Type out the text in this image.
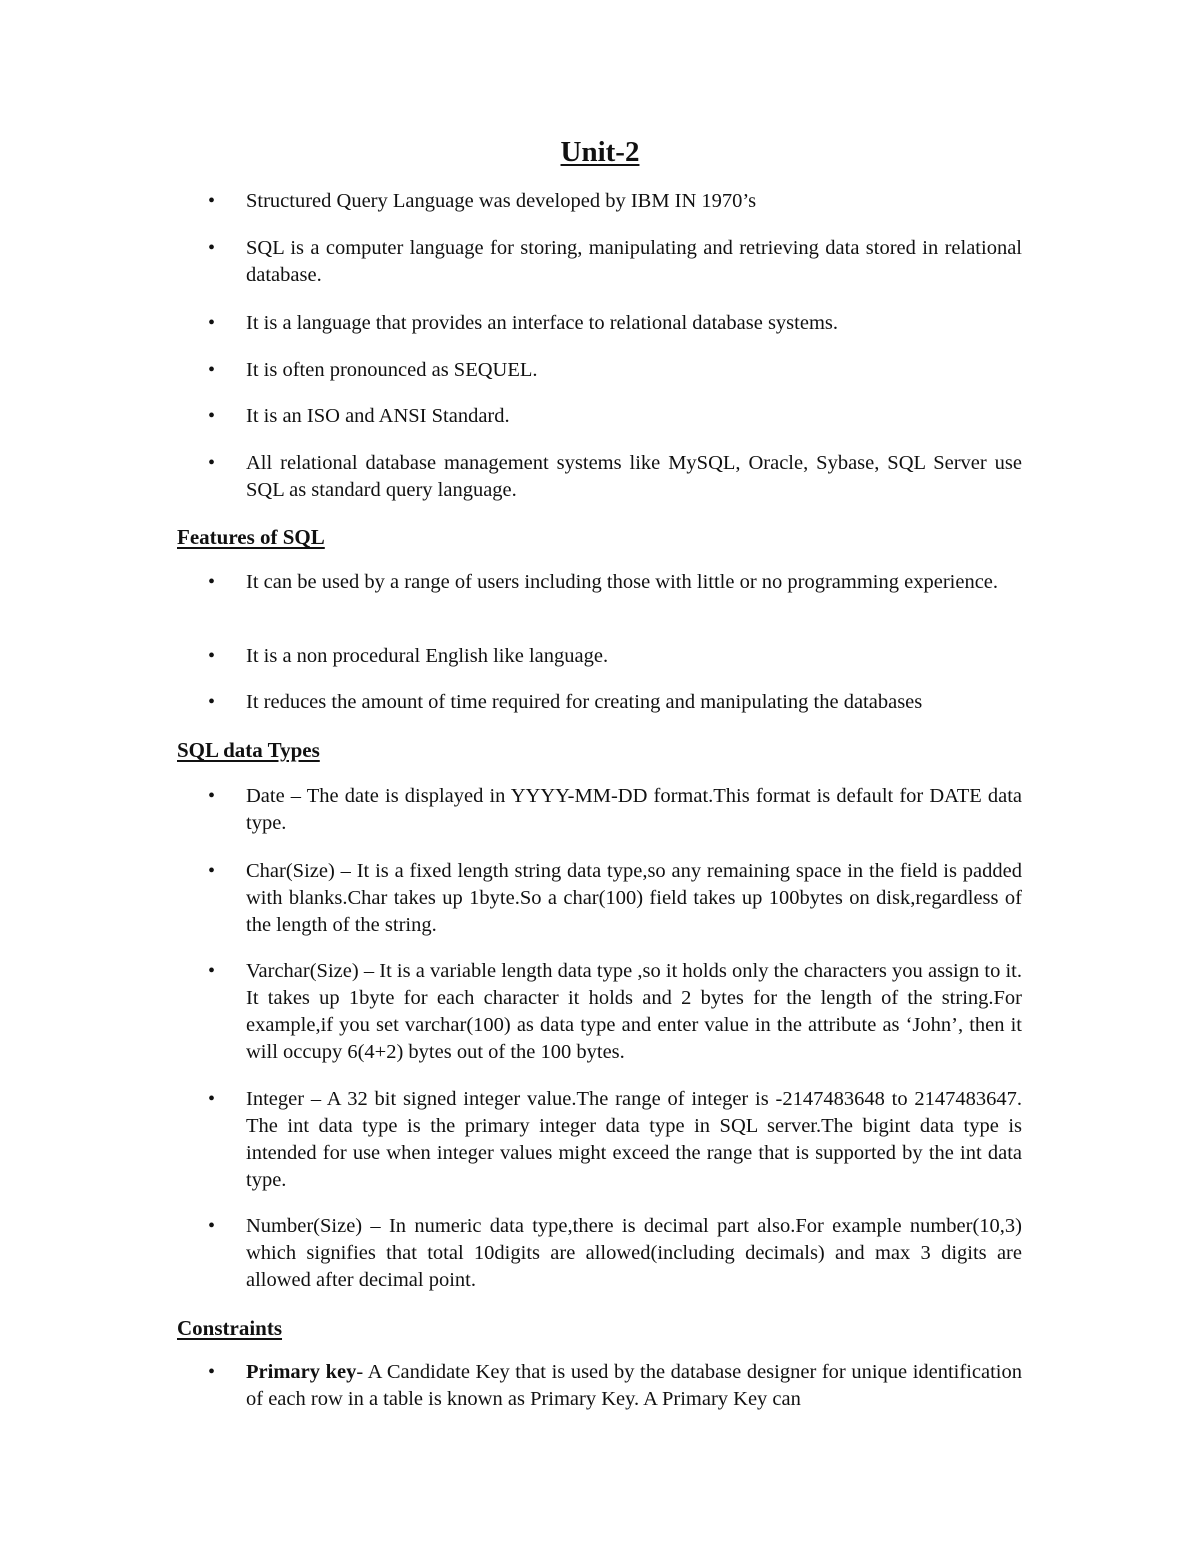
Unit-2
• Structured Query Language was developed by IBM IN 1970’s
• SQL is a computer language for storing, manipulating and retrieving data stored in relational database.
• It is a language that provides an interface to relational database systems.
• It is often pronounced as SEQUEL.
• It is an ISO and ANSI Standard.
• All relational database management systems like MySQL, Oracle, Sybase, SQL Server use SQL as standard query language.
Features of SQL
• It can be used by a range of users including those with little or no programming experience.
• It is a non procedural English like language.
• It reduces the amount of time required for creating and manipulating the databases
SQL data Types
• Date – The date is displayed in YYYY-MM-DD format.This format is default for DATE data type.
• Char(Size) – It is a fixed length string data type,so any remaining space in the field is padded with blanks.Char takes up 1byte.So a char(100) field takes up 100bytes on disk,regardless of the length of the string.
• Varchar(Size) – It is a variable length data type ,so it holds only the characters you assign to it. It takes up 1byte for each character it holds and 2 bytes for the length of the string.For example,if you set varchar(100) as data type and enter value in the attribute as ‘John’, then it will occupy 6(4+2) bytes out of the 100 bytes.
• Integer – A 32 bit signed integer value.The range of integer is -2147483648 to 2147483647. The int data type is the primary integer data type in SQL server.The bigint data type is intended for use when integer values might exceed the range that is supported by the int data type.
• Number(Size) – In numeric data type,there is decimal part also.For example number(10,3) which signifies that total 10digits are allowed(including decimals) and max 3 digits are allowed after decimal point.
Constraints
• Primary key- A Candidate Key that is used by the database designer for unique identification of each row in a table is known as Primary Key. A Primary Key can
